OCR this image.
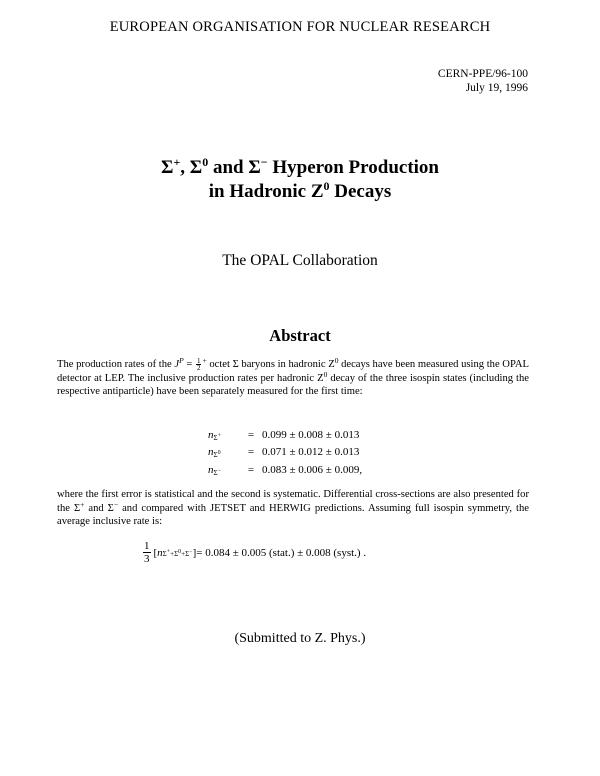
EUROPEAN ORGANISATION FOR NUCLEAR RESEARCH
CERN-PPE/96-100
July 19, 1996
Σ+, $\Sigma^0$ and Σ− Hyperon Production
in Hadronic $Z^0$ Decays
The OPAL Collaboration
Abstract
The production rates of the $J^P = \frac{1}{2} ^+$ octet Σ baryons in hadronic $Z^0$ decays have been measured using the OPAL detector at LEP. The inclusive production rates per hadronic $Z^0$ decay of the three isospin states (including the respective antiparticle) have been separately measured for the first time:
$n_{\Sigma^+}$	= 0.099 ± 0.008 ± 0.013
$n_{\Sigma^0}$	= 0.071 ± 0.012 ± 0.013
$n_{\Sigma^-}$	= 0.083 ± 0.006 ± 0.009,
where the first error is statistical and the second is systematic. Differential cross-sections are also presented for the Σ+ and Σ− and compared with JETSET and HERWIG predictions. Assuming full isospin symmetry, the average inclusive rate is:
1
3
[ n $\Sigma^++\Sigma^0+\Sigma^-$ ] = 0.084 ± 0.005 (stat.) ± 0.008 (syst.) .
(Submitted to Z. Phys.)
